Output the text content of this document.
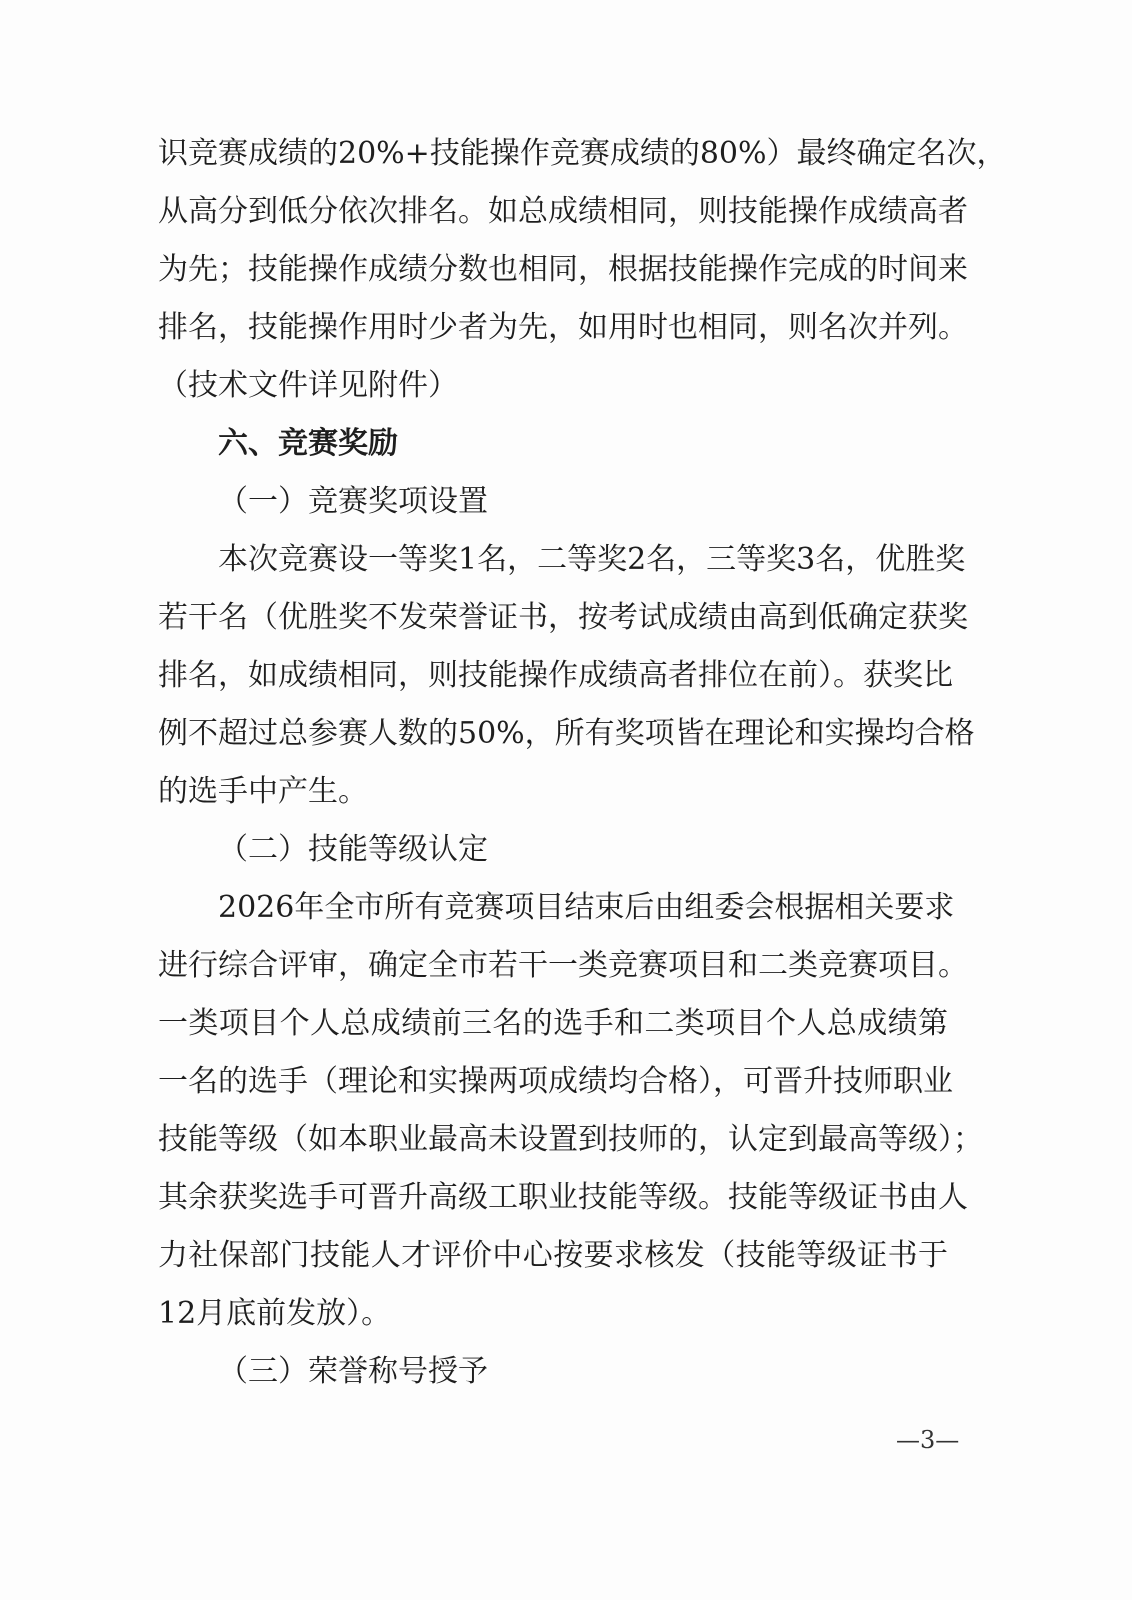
识竞赛成绩的20%+技能操作竞赛成绩的80%）最终确定名次，
从高分到低分依次排名。如总成绩相同，则技能操作成绩高者
为先；技能操作成绩分数也相同，根据技能操作完成的时间来
排名，技能操作用时少者为先，如用时也相同，则名次并列。
（技术文件详见附件）
六、竞赛奖励
（一）竞赛奖项设置
本次竞赛设一等奖1名，二等奖2名，三等奖3名，优胜奖
若干名（优胜奖不发荣誉证书，按考试成绩由高到低确定获奖
排名，如成绩相同，则技能操作成绩高者排位在前）。获奖比
例不超过总参赛人数的50%，所有奖项皆在理论和实操均合格
的选手中产生。
（二）技能等级认定
2026年全市所有竞赛项目结束后由组委会根据相关要求
进行综合评审，确定全市若干一类竞赛项目和二类竞赛项目。
一类项目个人总成绩前三名的选手和二类项目个人总成绩第
一名的选手（理论和实操两项成绩均合格），可晋升技师职业
技能等级（如本职业最高未设置到技师的，认定到最高等级）；
其余获奖选手可晋升高级工职业技能等级。技能等级证书由人
力社保部门技能人才评价中心按要求核发（技能等级证书于
12月底前发放）。
（三）荣誉称号授予
—3—
